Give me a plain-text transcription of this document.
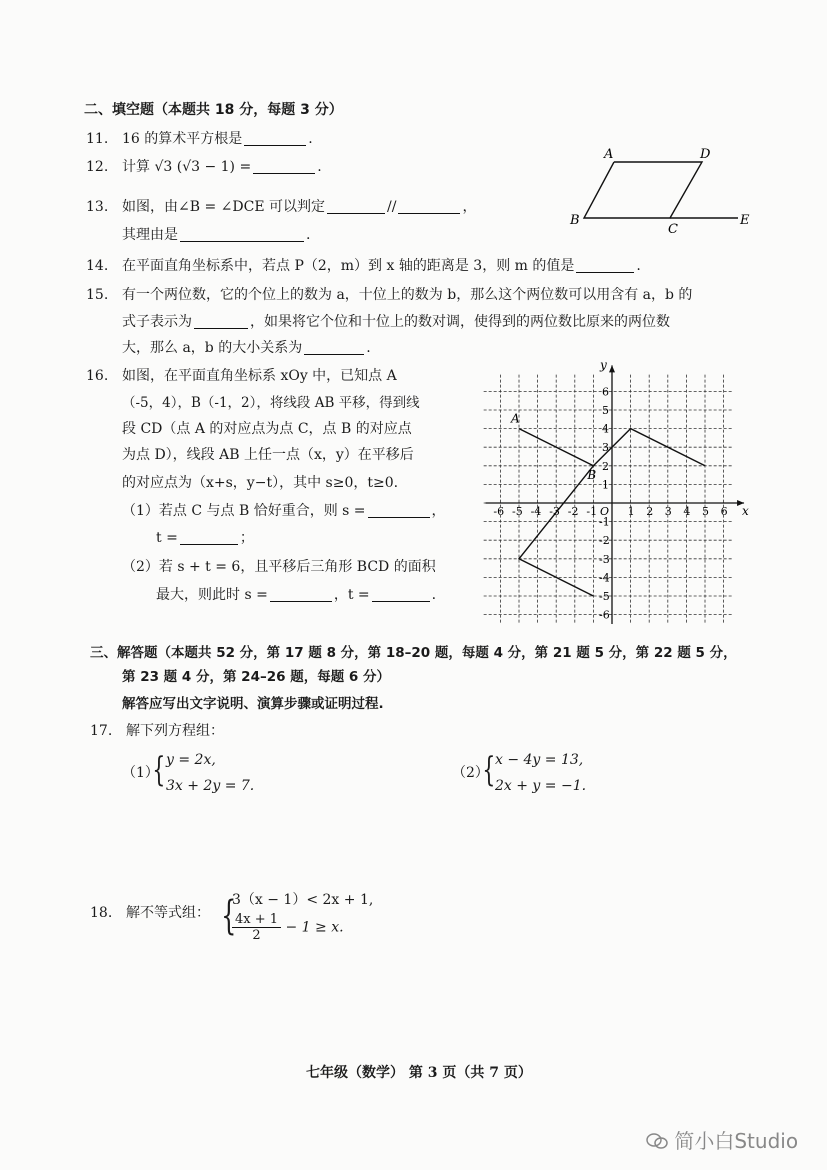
二、填空题（本题共 18 分，每题 3 分）
11. 16 的算术平方根是	.
12. 计算 √3 (√3 − 1) =	.
13. 如图，由∠B = ∠DCE 可以判定	//	，
其理由是	.
A	D
B
C
E
14. 在平面直角坐标系中，若点 P（2，m）到 x 轴的距离是 3，则 m 的值是	.
15. 有一个两位数，它的个位上的数为 a，十位上的数为 b，那么这个两位数可以用含有 a，b 的
式子表示为	，如果将它个位和十位上的数对调，使得到的两位数比原来的两位数
大，那么 a，b 的大小关系为	.
16. 如图，在平面直角坐标系 xOy 中，已知点 A
（-5，4），B（-1，2），将线段 AB 平移，得到线
段 CD（点 A 的对应点为点 C，点 B 的对应点
为点 D），线段 AB 上任一点（x，y）在平移后
的对应点为（x+s，y−t），其中 s≥0，t≥0.
（1）若点 C 与点 B 恰好重合，则 s =	，
t =	；
（2）若 s + t = 6，且平移后三角形 BCD 的面积
最大，则此时 s =	，t =	.
-6 -5 -4 -3 -2 -1	1 2 3 4 5 6
6
5
4
3
2
1
-1
-2
-3
-4
-5
-6
O	x
y
A
B
三、解答题（本题共 52 分，第 17 题 8 分，第 18–20 题，每题 4 分，第 21 题 5 分，第 22 题 5 分，
第 23 题 4 分，第 24–26 题，每题 6 分）
解答应写出文字说明、演算步骤或证明过程.
17. 解下列方程组：
（1）
{ y = 2x,
3x + 2y = 7.
（2）
{ x − 4y = 13,
2x + y = −1.
18. 解不等式组： {
3（x − 1）< 2x + 1,
$\frac{4x + 1}{2} - 1 \ge x$.
七年级（数学） 第 3 页（共 7 页）
简小白Studio
